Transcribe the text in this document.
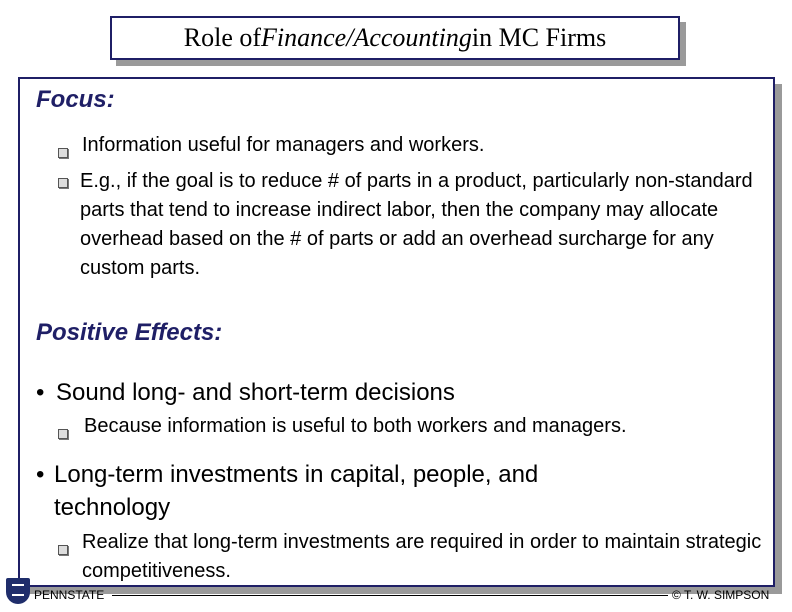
Role of Finance/Accounting in MC Firms
Focus:
Information useful for managers and workers.
E.g., if the goal is to reduce # of parts in a product, particularly non-standard parts that tend to increase indirect labor, then the company may allocate overhead based on the # of parts or add an overhead surcharge for any custom parts.
Positive Effects:
• Sound long- and short-term decisions
Because information is useful to both workers and managers.
• Long-term investments in capital, people, and technology
Realize that long-term investments are required in order to maintain strategic competitiveness.
PENNSTATE	© T. W. SIMPSON
